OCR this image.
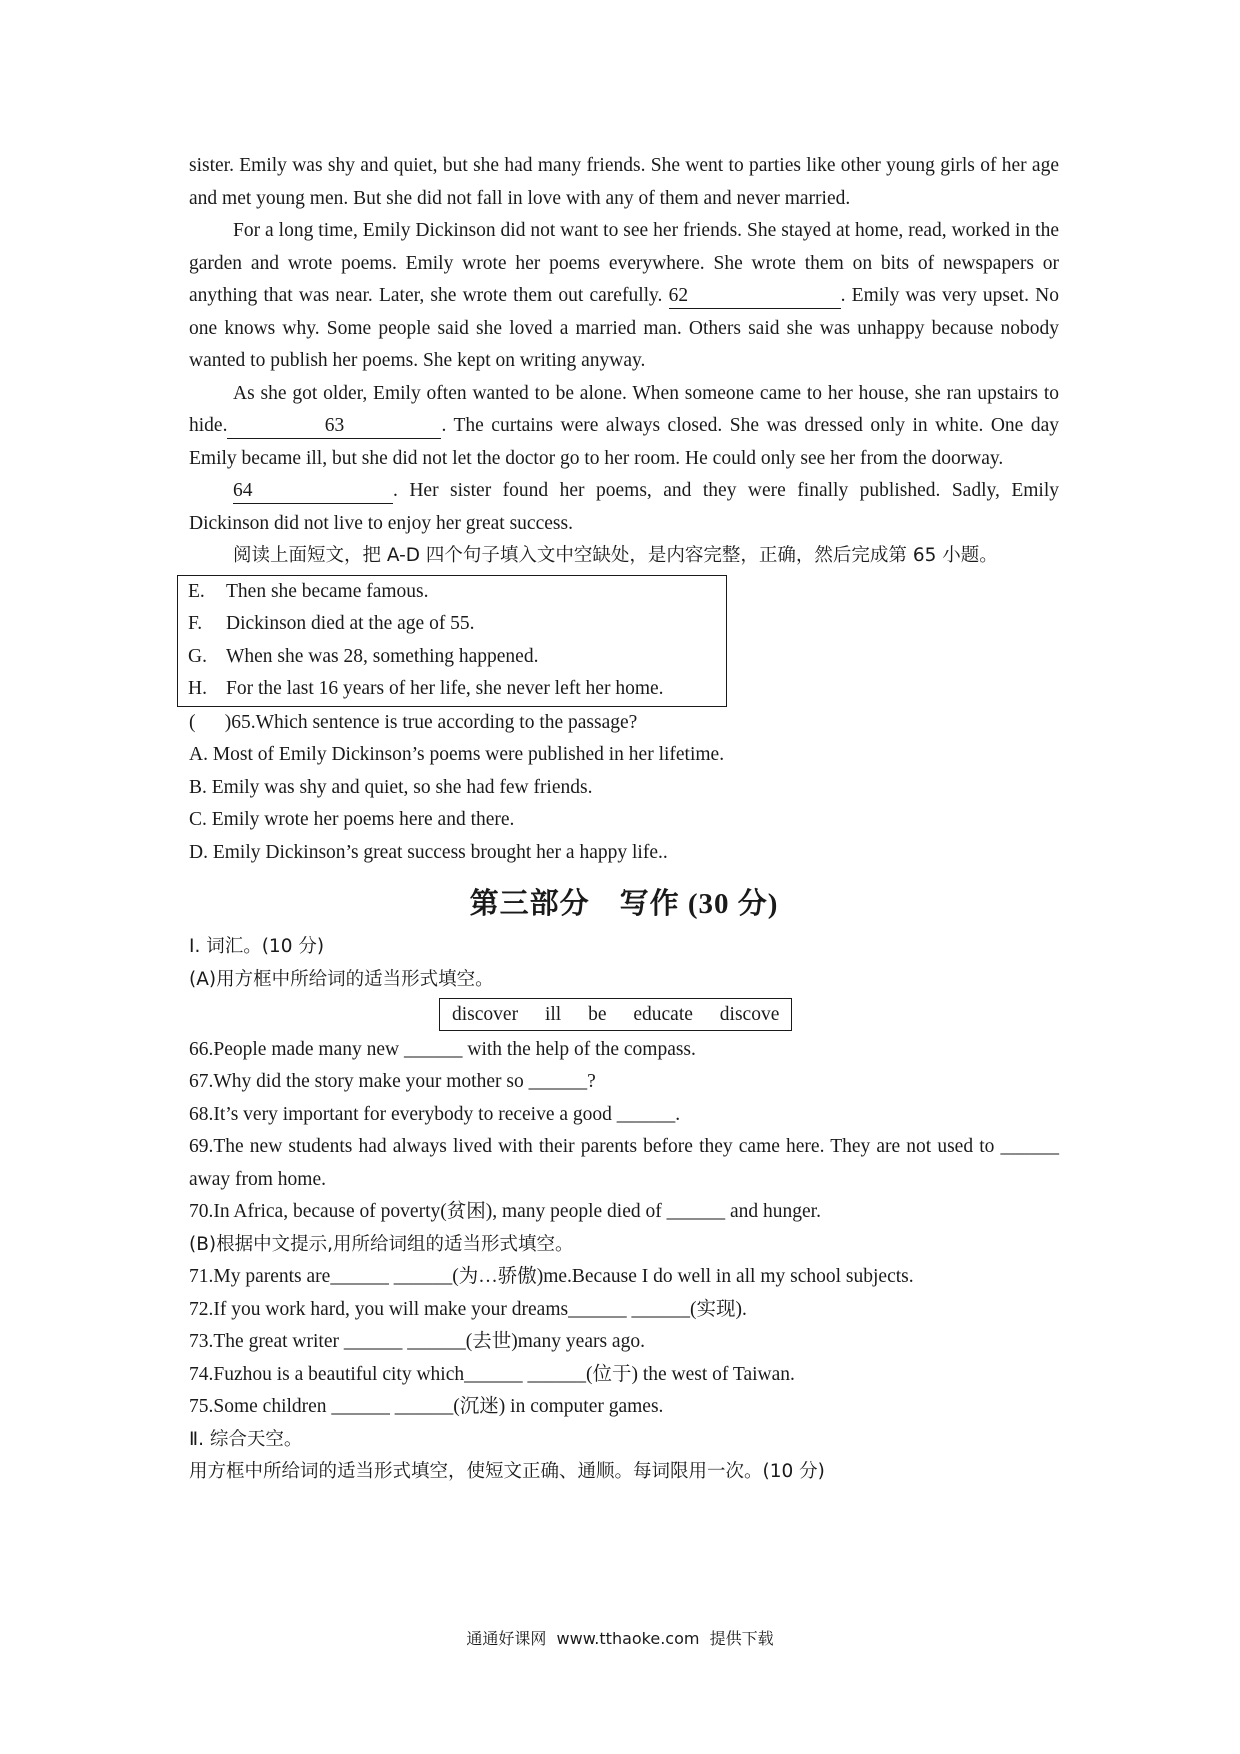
sister. Emily was shy and quiet, but she had many friends. She went to parties like other young girls of her age and met young men. But she did not fall in love with any of them and never married.

For a long time, Emily Dickinson did not want to see her friends. She stayed at home, read, worked in the garden and wrote poems. Emily wrote her poems everywhere. She wrote them on bits of newspapers or anything that was near. Later, she wrote them out carefully. 62	. Emily was very upset. No one knows why. Some people said she loved a married man. Others said she was unhappy because nobody wanted to publish her poems. She kept on writing anyway.

As she got older, Emily often wanted to be alone. When someone came to her house, she ran upstairs to hide.	63	. The curtains were always closed. She was dressed only in white. One day Emily became ill, but she did not let the doctor go to her room. He could only see her from the doorway.

64	. Her sister found her poems, and they were finally published. Sadly, Emily Dickinson did not live to enjoy her great success.

阅读上面短文，把 A-D 四个句子填入文中空缺处，是内容完整，正确，然后完成第 65 小题。

E.	Then she became famous.
F.	Dickinson died at the age of 55.
G. When she was 28, something happened.
H. For the last 16 years of her life, she never left her home.
(      )65.Which sentence is true according to the passage?
A. Most of Emily Dickinson’s poems were published in her lifetime.
B. Emily was shy and quiet, so she had few friends.
C. Emily wrote her poems here and there.
D. Emily Dickinson’s great success brought her a happy life..
第三部分　写作 (30 分)
Ⅰ. 词汇。(10 分)
(A)用方框中所给词的适当形式填空。
discover ill be educate discove
66.People made many new ______ with the help of the compass.
67.Why did the story make your mother so ______?
68.It’s very important for everybody to receive a good ______.

69.The new students had always lived with their parents before they came here. They are not used to ______ away from home.

70.In Africa, because of poverty(贫困), many people died of ______ and hunger.
(B)根据中文提示,用所给词组的适当形式填空。
71.My parents are______ ______(为…骄傲)me.Because I do well in all my school subjects.
72.If you work hard, you will make your dreams______ ______(实现).
73.The great writer ______ ______(去世)many years ago.
74.Fuzhou is a beautiful city which______ ______(位于) the west of Taiwan.
75.Some children ______ ______(沉迷) in computer games.
Ⅱ. 综合天空。
用方框中所给词的适当形式填空，使短文正确、通顺。每词限用一次。(10 分)
通通好课网  www.tthaoke.com  提供下载
